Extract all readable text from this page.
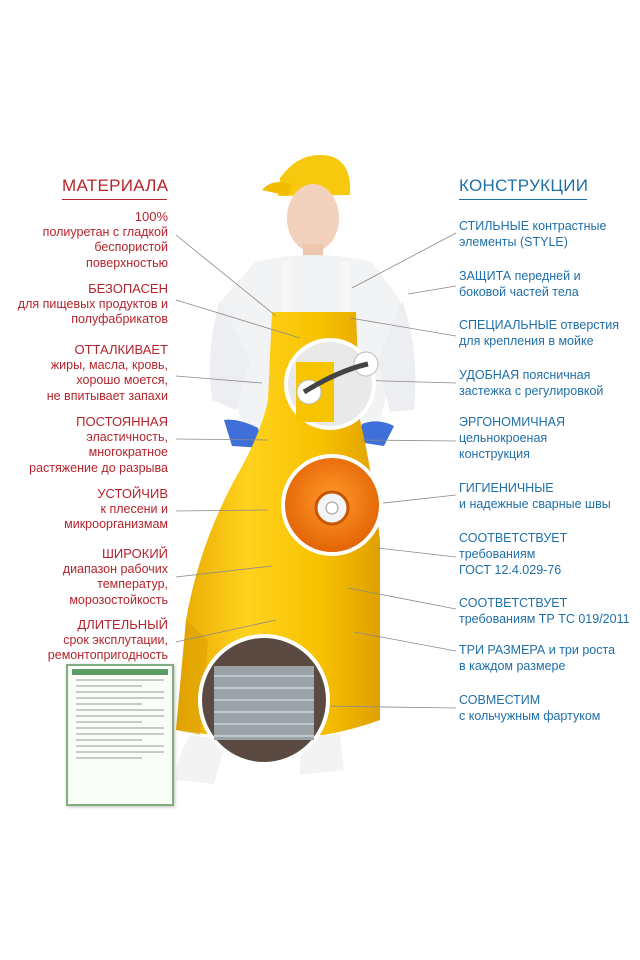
МАТЕРИАЛА	КОНСТРУКЦИИ
100%
полиуретан с гладкой
беспористой
поверхностью
БЕЗОПАСЕН
для пищевых продуктов и
полуфабрикатов
ОТТАЛКИВАЕТ
жиры, масла, кровь,
хорошо моется,
не впитывает запахи
ПОСТОЯННАЯ
эластичность,
многократное
растяжение до разрыва
УСТОЙЧИВ
к плесени и
микроорганизмам
ШИРОКИЙ
диапазон рабочих
температур,
морозостойкость
ДЛИТЕЛЬНЫЙ
срок эксплутации,
ремонтопригодность
СТИЛЬНЫЕ контрастные
элементы (STYLE)
ЗАЩИТА передней и
боковой частей тела
СПЕЦИАЛЬНЫЕ отверстия
для крепления в мойке
УДОБНАЯ поясничная
застежка с регулировкой
ЭРГОНОМИЧНАЯ
цельнокроеная
конструкция
ГИГИЕНИЧНЫЕ
и надежные сварные швы
СООТВЕТСТВУЕТ
требованиям
ГОСТ 12.4.029-76
СООТВЕТСТВУЕТ
требованиям ТР ТС 019/2011
ТРИ РАЗМЕРА и три роста
в каждом размере
СОВМЕСТИМ
с кольчужным фартуком
